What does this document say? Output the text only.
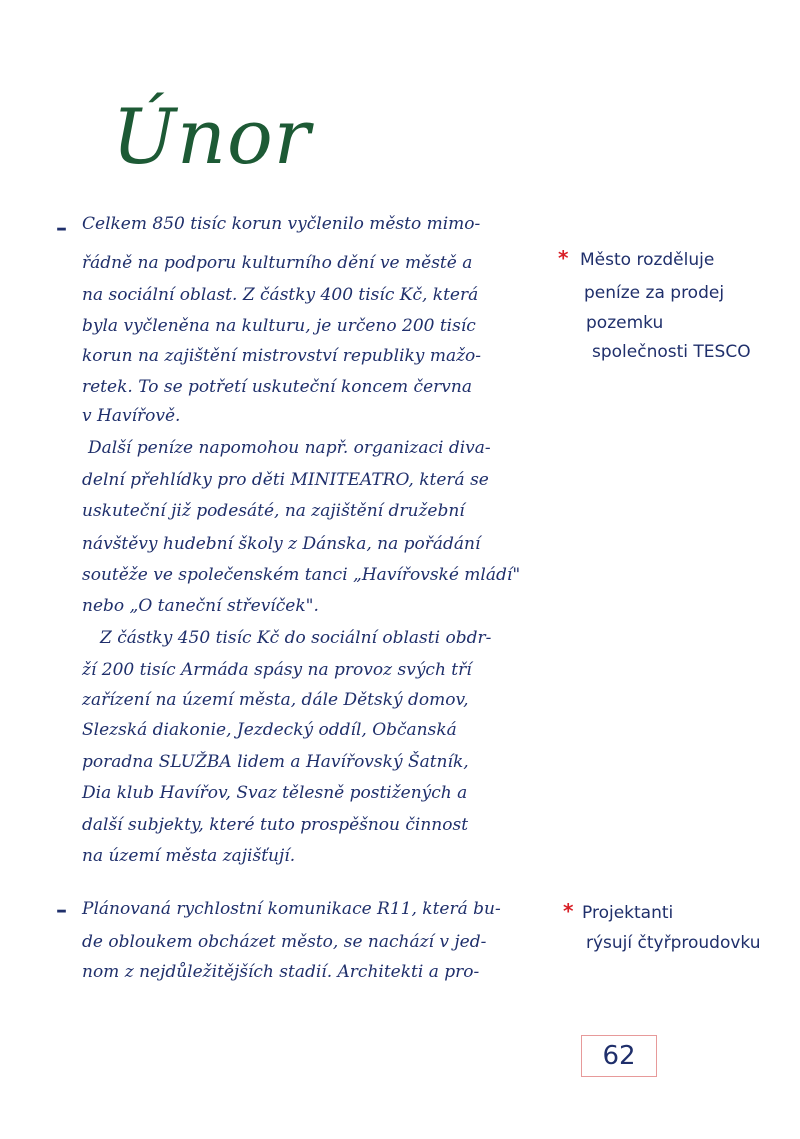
Únor
– Celkem 850 tisíc korun vyčlenilo město mimo-
řádně na podporu kulturního dění ve městě a
na sociální oblast. Z částky 400 tisíc Kč, která
byla vyčleněna na kulturu, je určeno 200 tisíc
korun na zajištění mistrovství republiky mažo-
retek. To se potřetí uskuteční koncem června
v Havířově.
Další peníze napomohou např. organizaci diva-
delní přehlídky pro děti MINITEATRO, která se
uskuteční již podesáté, na zajištění družební
návštěvy hudební školy z Dánska, na pořádání
soutěže ve společenském tanci „Havířovské mládí"
nebo „O taneční střevíček".
Z částky 450 tisíc Kč do sociální oblasti obdr-
ží 200 tisíc Armáda spásy na provoz svých tří
zařízení na území města, dále Dětský domov,
Slezská diakonie, Jezdecký oddíl, Občanská
poradna SLUŽBA lidem a Havířovský Šatník,
Dia klub Havířov, Svaz tělesně postižených a
další subjekty, které tuto prospěšnou činnost
na území města zajišťují.
* Město rozděluje
peníze za prodej
pozemku
společnosti TESCO
– Plánovaná rychlostní komunikace R11, která bu-
de obloukem obcházet město, se nachází v jed-
nom z nejdůležitějších stadií. Architekti a pro-
* Projektanti
rýsují čtyřproudovku
62
